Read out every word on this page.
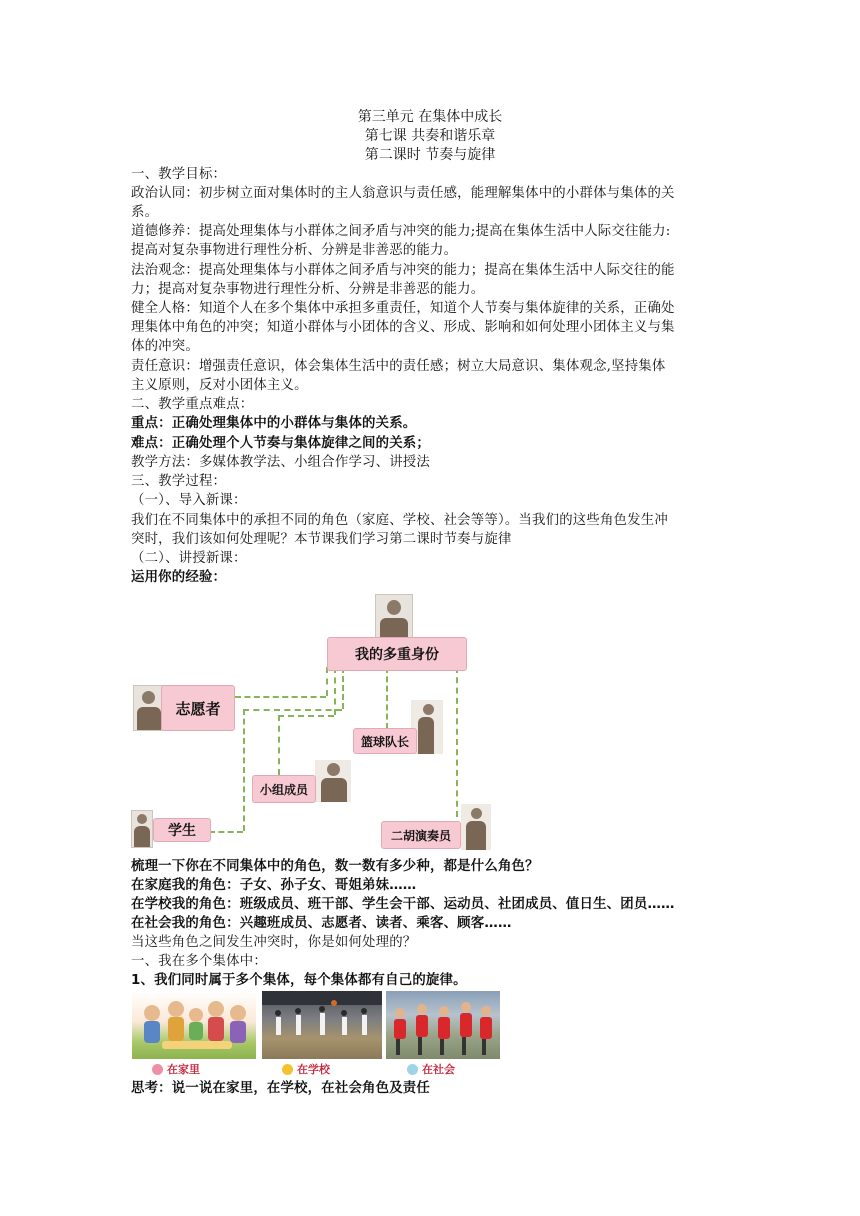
第三单元 在集体中成长
第七课 共奏和谐乐章
第二课时 节奏与旋律
一、教学目标：
政治认同：初步树立面对集体时的主人翁意识与责任感，能理解集体中的小群体与集体的关
系。
道德修养：提高处理集体与小群体之间矛盾与冲突的能力;提高在集体生活中人际交往能力:
提高对复杂事物进行理性分析、分辨是非善恶的能力。
法治观念：提高处理集体与小群体之间矛盾与冲突的能力；提高在集体生活中人际交往的能
力；提高对复杂事物进行理性分析、分辨是非善恶的能力。
健全人格：知道个人在多个集体中承担多重责任，知道个人节奏与集体旋律的关系，正确处
理集体中角色的冲突；知道小群体与小团体的含义、形成、影响和如何处理小团体主义与集
体的冲突。
责任意识：增强责任意识，体会集体生活中的责任感；树立大局意识、集体观念,坚持集体
主义原则，反对小团体主义。
二、教学重点难点：
重点：正确处理集体中的小群体与集体的关系。
难点：正确处理个人节奏与集体旋律之间的关系；
教学方法：多媒体教学法、小组合作学习、讲授法
三、教学过程：
（一）、导入新课：
我们在不同集体中的承担不同的角色（家庭、学校、社会等等）。当我们的这些角色发生冲
突时，我们该如何处理呢？本节课我们学习第二课时节奏与旋律
（二）、讲授新课：
运用你的经验：
我的多重身份
志愿者
篮球队长
小组成员
学生	二胡演奏员
梳理一下你在不同集体中的角色，数一数有多少种，都是什么角色？
在家庭我的角色：子女、孙子女、哥姐弟妹……
在学校我的角色：班级成员、班干部、学生会干部、运动员、社团成员、值日生、团员……
在社会我的角色：兴趣班成员、志愿者、读者、乘客、顾客……
当这些角色之间发生冲突时，你是如何处理的？
一、我在多个集体中：
1、我们同时属于多个集体，每个集体都有自己的旋律。
在家里	在学校	在社会
思考：说一说在家里，在学校，在社会角色及责任
